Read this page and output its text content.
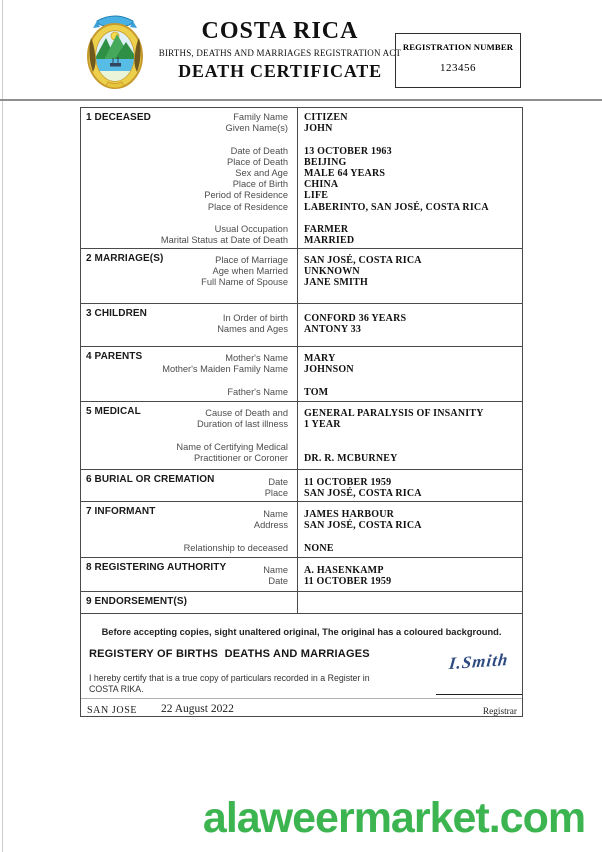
COSTA RICA
BIRTHS, DEATHS AND MARRIAGES REGISTRATION ACT
DEATH CERTIFICATE
REGISTRATION NUMBER
123456
1 DECEASED	Family Name	CITIZEN
Given Name(s)	JOHN
Date of Death	13 OCTOBER 1963
Place of Death	BEIJING
Sex and Age	MALE 64 YEARS
Place of Birth	CHINA
Period of Residence	LIFE
Place of Residence	LABERINTO, SAN JOSÉ, COSTA RICA
Usual Occupation	FARMER
Marital Status at Date of Death	MARRIED
2 MARRIAGE(S)	Place of Marriage	SAN JOSÉ, COSTA RICA
Age when Married	UNKNOWN
Full Name of Spouse	JANE SMITH
3 CHILDREN	In Order of birth	CONFORD 36 YEARS
Names and Ages	ANTONY 33
4 PARENTS	Mother's Name	MARY
Mother's Maiden Family Name	JOHNSON
Father's Name	TOM
5 MEDICAL	Cause of Death and	GENERAL PARALYSIS OF INSANITY
Duration of last illness	1 YEAR
Name of Certifying Medical
Practitioner or Coroner	DR. R. MCBURNEY
6 BURIAL OR CREMATION	Date	11 OCTOBER 1959
Place	SAN JOSÉ, COSTA RICA
7 INFORMANT	Name	JAMES HARBOUR
Address	SAN JOSÉ, COSTA RICA
Relationship to deceased	NONE
8 REGISTERING AUTHORITY	Name	A. HASENKAMP
Date	11 OCTOBER 1959
9 ENDORSEMENT(S)
Before accepting copies, sight unaltered original, The original has a coloured background.
REGISTERY OF BIRTHS  DEATHS AND MARRIAGES
I hereby certify that is a true copy of particulars recorded in a Register in
COSTA RIKA.
I.Smith
SAN JOSE 22 August 2022	Registrar
alaweermarket.com
